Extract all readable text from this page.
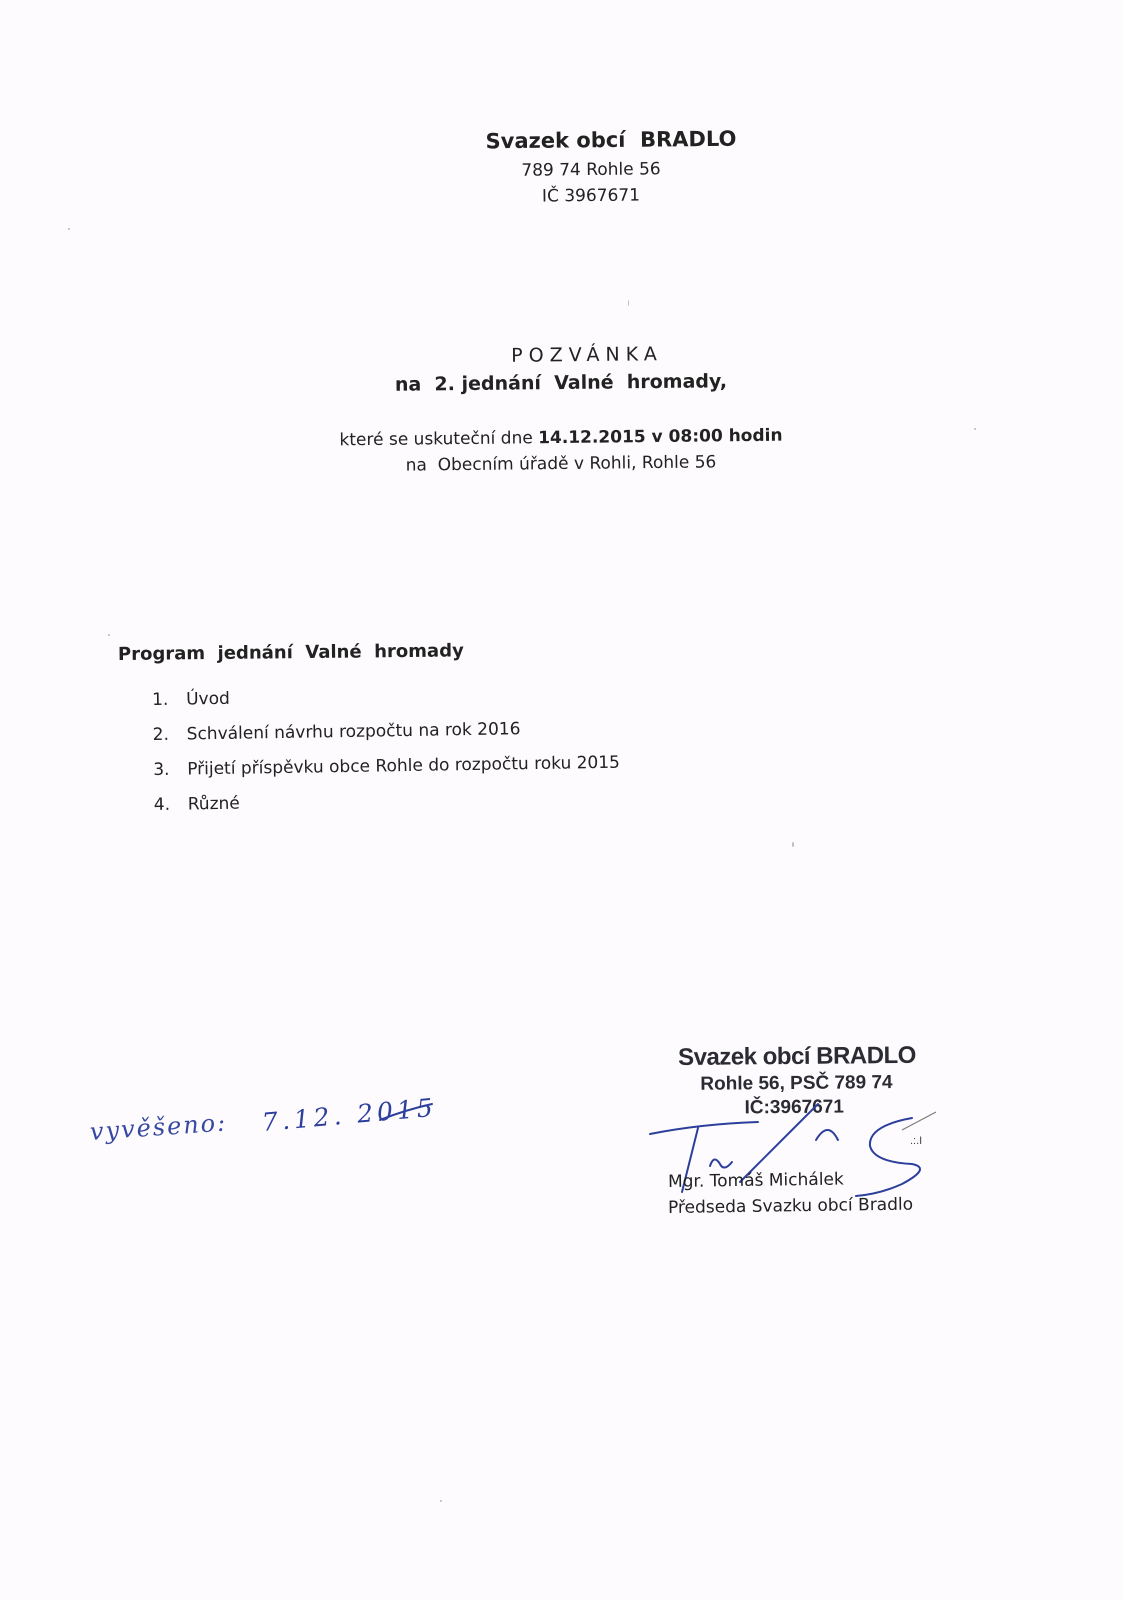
Svazek obcí  BRADLO
789 74 Rohle 56
IČ 3967671
POZVÁNKA
na  2. jednání  Valné  hromady,
které se uskuteční dne 14.12.2015 v 08:00 hodin
na  Obecním úřadě v Rohli, Rohle 56
Program  jednání  Valné  hromady
1.	Úvod
2.	Schválení návrhu rozpočtu na rok 2016
3.	Přijetí příspěvku obce Rohle do rozpočtu roku 2015
4.	Různé
vyvěšeno: 7.12. 2015
Svazek obcí BRADLO
Rohle 56, PSČ 789 74
IČ:3967671
.:.I
Mgr. Tomáš Michálek
Předseda Svazku obcí Bradlo
